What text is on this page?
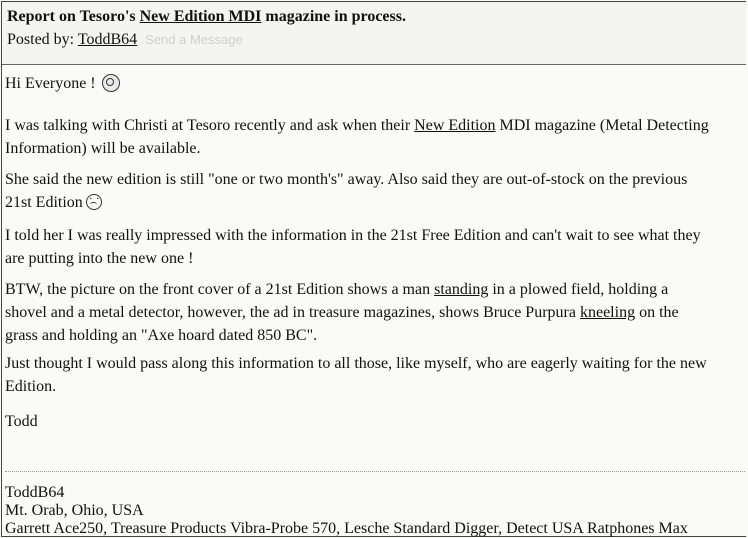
Report on Tesoro's New Edition MDI magazine in process.
Posted by: ToddB64 Send a Message
Hi Everyone !
I was talking with Christi at Tesoro recently and ask when their New Edition MDI magazine (Metal Detecting
Information) will be available.
She said the new edition is still "one or two month's" away. Also said they are out-of-stock on the previous
21st Edition· ·
I told her I was really impressed with the information in the 21st Free Edition and can't wait to see what they
are putting into the new one !
BTW, the picture on the front cover of a 21st Edition shows a man standing in a plowed field, holding a
shovel and a metal detector, however, the ad in treasure magazines, shows Bruce Purpura kneeling on the
grass and holding an "Axe hoard dated 850 BC".
Just thought I would pass along this information to all those, like myself, who are eagerly waiting for the new
Edition.
Todd
ToddB64
Mt. Orab, Ohio, USA
Garrett Ace250, Treasure Products Vibra-Probe 570, Lesche Standard Digger, Detect USA Ratphones Max
